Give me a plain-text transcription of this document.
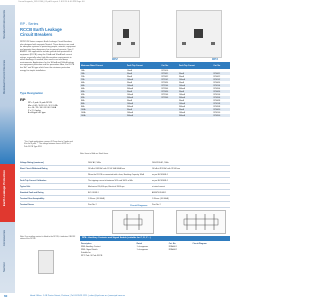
Consultingweb_2010 R04_02.pdf:Layout 1 4/2/10 6:00 PM Page 60
Standard Instruments
Residual Current Devices
Earth Leakage Protection
Accessories
Section
RP - Series
RCCB Earth Leakage
Circuit Breakers
RP/RCCB Series compact Earth Leakage Circuit Breakers, also designed with separate Neutral. These devices are used for adequate systems of protecting people, animals, equipment and property from dangerous line to ground currents. Type 2 ANNEX. Life applications include ground-fault protection of equipment (RCCB) using the 10mA and 30mA fault current ratings, especially when high life-sensitive requirements in either dwellings is needed; also used in wet and damp environments. Applications for the 300mA and 500mA ratings are equipment protection and fire prevention. Also, the RCCB has 'AC' and 'A' type which have the minimum protection energy for simple installation.
Type Designation
RP
RP = 2 pole / 4 pole RCCB
IΔn = 0.01 / 0.03 / 0.1 / 0.3 / 0.5A
In = 16 / 25 / 40 / 63 / 80 / 100A
P = 2 / 4 poles
A = A type / AC type
* For 4 pole applications, connect 3 Phase line to 3 poles and N to the N pole. ** The voltage between lines is 415V for 4 Pole RCCB Type RP4.
RP2	RP4
Maximum Rated Current	Fault Trip Current	Cat. No.	Fault Trip Current	Cat. No.
16A	10mA	RP2016		
16A	30mA	RP2031	30mA	RP4031
25A	30mA	RP2032	30mA	RP4032
25A	100mA	RP2102	100mA	RP4102
40A	30mA	RP2034	30mA	RP4034
40A	100mA	RP2104	100mA	RP4104
40A	300mA	RP2304	300mA	RP4304
63A	30mA	RP2036	30mA	RP4036
63A	100mA	RP2106	100mA	RP4106
63A	300mA	RP2306	300mA	RP4306
80A	30mA		30mA	RP4038
80A	100mA		100mA	RP4108
80A	300mA		300mA	RP4308
100A	30mA		30mA	RP4030
100A	100mA		100mA	RP4100
100A	300mA		300mA	RP4300
Note: Items in Bold are Stock Items
Voltage Rating (maximum)	240V AC, 50Hz	240/415V AC, 50Hz
Short Circuit Withstand Rating	10 kA at 240V AC with 1P+N 16A-100A fuse	10 kA at 415V AC with 3P+N fuse
When the RCCB is connected with a fuse, Breaking Capacity 10kA	as per IEC61008-1
Fault Trip Current Calibration	The tripping current is between 50% and 100% of IΔn	as per IEC61008-1
Typical Life	Mechanical 20,000 ops, Electrical 2000 ops	at rated current
Standard Fault and Rating	IEC 61008-1	AS/NZS 61008.1
Terminal Size Acceptability	1-35mm² (16-100A)	1-35mm² (16-100A)
Terminal Screw	Pozi No. 2	Pozi No. 2
Circuit Diagrams
RPA - Auxiliary Contacts and Signal Switch (suitable for C, D, Z ...)
Note: If an auxiliary contact is fitted to the RCCB, it indicates ON/OFF status of the RCCB.
Description	Rated	Cat. No.	Circuit Diagram
RPA - Auxiliary Contact	1 changeover	RPA0601	
RPA - Signal Switch	1 changeover	RPA0602	
Suitable for			
RP 2 Pole / 4 Pole RCCB			
60	Head Office: 1-18 Porter Street, Prahran | Tel 03 9529 1211 | sales@ipd.com.au | www.ipd.com.au
